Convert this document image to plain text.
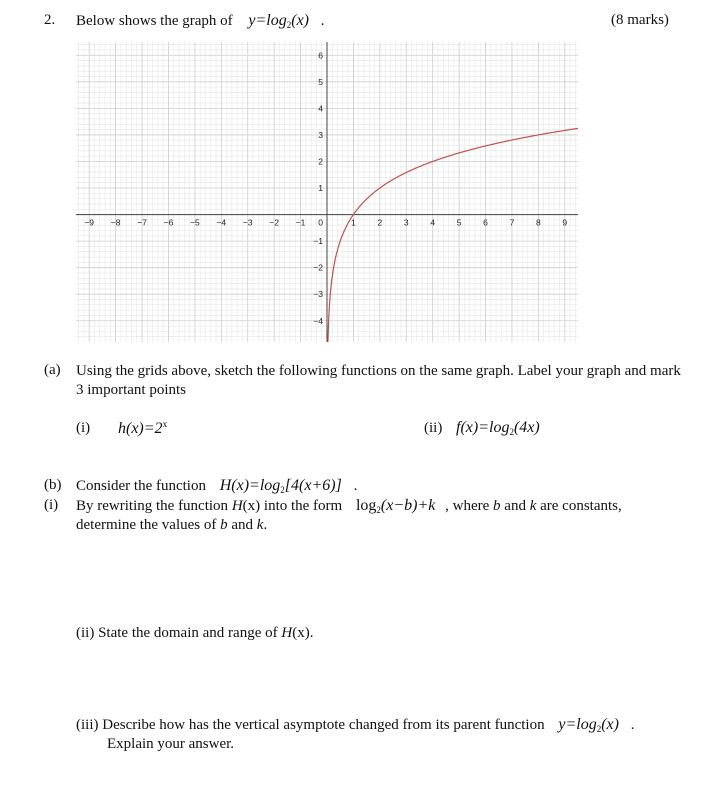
2. Below shows the graph of $y=\log_2(x)$ .	(8 marks)
−9 −8 −7 −6 −5 −4 −3 −2 −1	1	2	3	4	5	6	7	8	9
−4
−3
−2
−1
1
2
3
4
5
6
0
(a) Using the grids above, sketch the following functions on the same graph. Label your graph and mark 3 important points
(i) $h(x)=2^x$	(ii) $f(x)=\log_2(4x)$
(b) Consider the function $H(x)=\log_2[4(x+6)]$ .
(i) By rewriting the function H(x) into the form $\log_2(x-b)+k$ , where b and k are constants,
determine the values of b and k.
(ii) State the domain and range of H(x).
(iii) Describe how has the vertical asymptote changed from its parent function $y=\log_2(x)$ .
Explain your answer.
